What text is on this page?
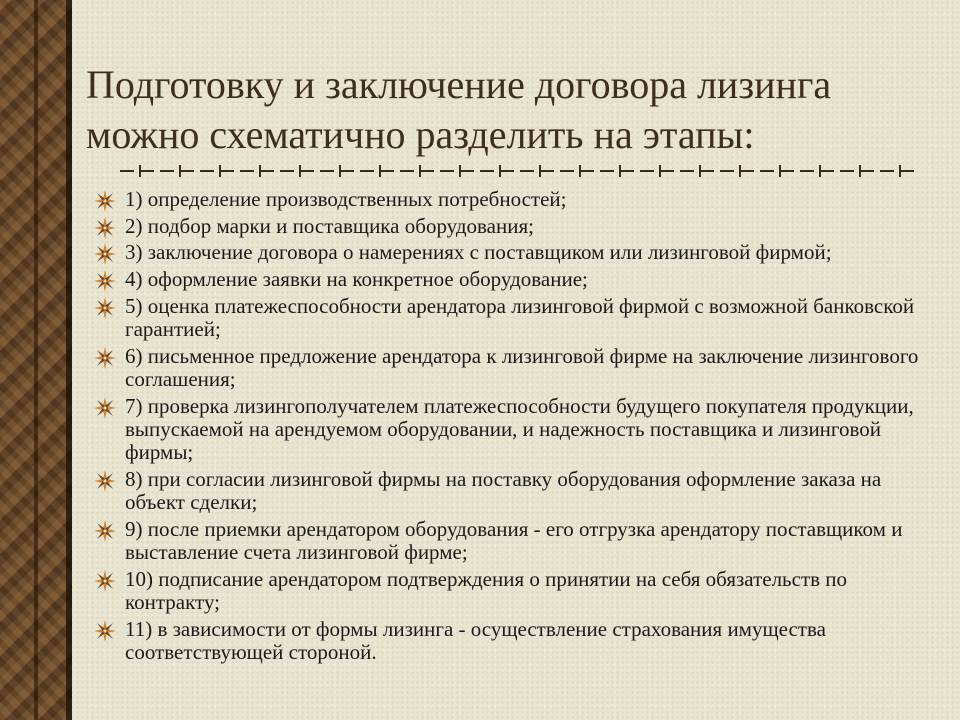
Подготовку и заключение договора лизинга
можно схематично разделить на этапы:
1) определение производственных потребностей;
2) подбор марки и поставщика оборудования;
3) заключение договора о намерениях с поставщиком или лизинговой фирмой;
4) оформление заявки на конкретное оборудование;
5) оценка платежеспособности арендатора лизинговой фирмой с возможной банковской гарантией;
6) письменное предложение арендатора к лизинговой фирме на заключение лизингового соглашения;
7) проверка лизингополучателем платежеспособности будущего покупателя продукции, выпускаемой на арендуемом оборудовании, и надежность поставщика и лизинговой фирмы;
8) при согласии лизинговой фирмы на поставку оборудования оформление заказа на объект сделки;
9) после приемки арендатором оборудования - его отгрузка арендатору поставщиком и выставление счета лизинговой фирме;
10) подписание арендатором подтверждения о принятии на себя обязательств по контракту;
11) в зависимости от формы лизинга - осуществление страхования имущества соответствующей стороной.
